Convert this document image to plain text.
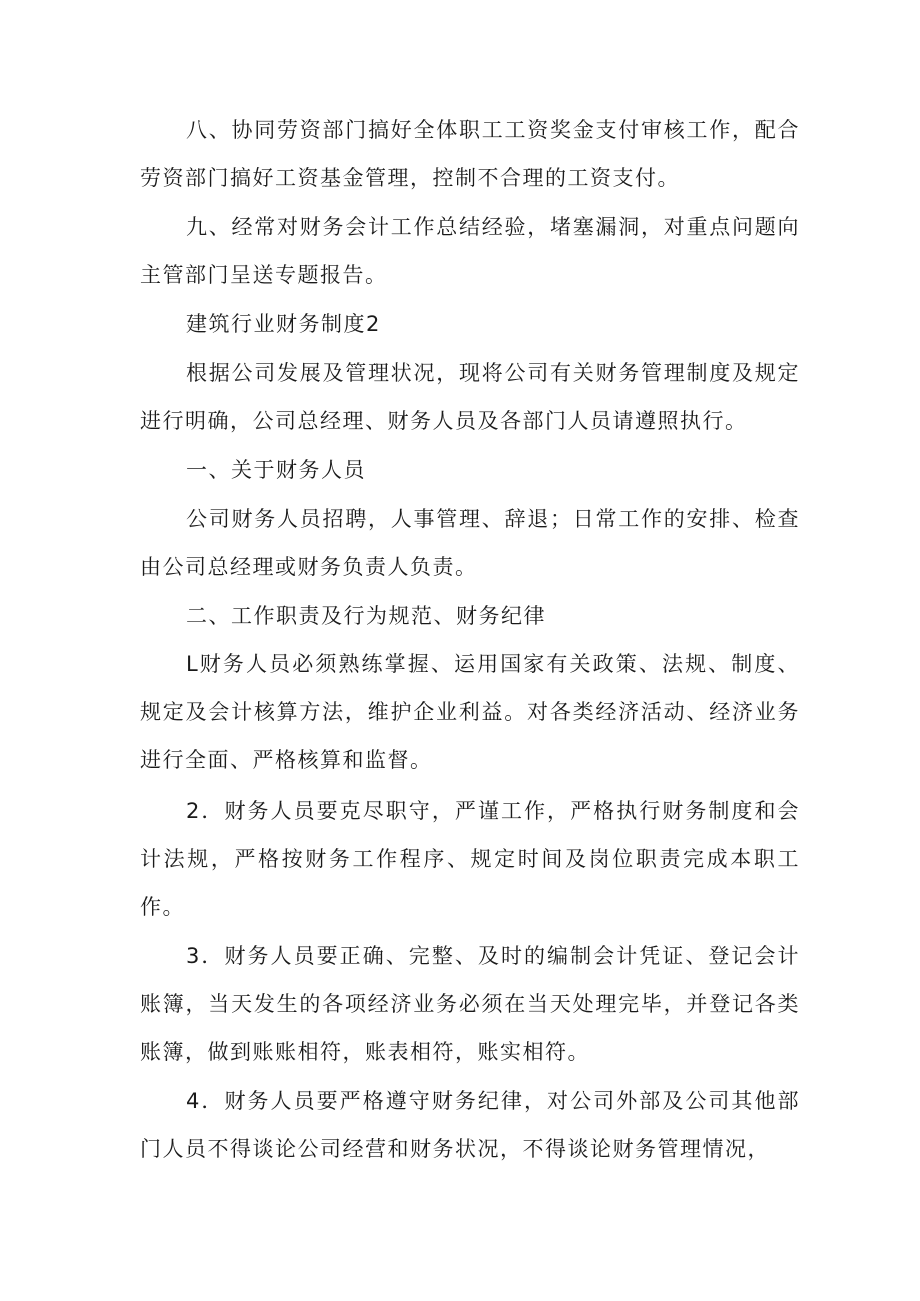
八、协同劳资部门搞好全体职工工资奖金支付审核工作，配合劳资部门搞好工资基金管理，控制不合理的工资支付。
九、经常对财务会计工作总结经验，堵塞漏洞，对重点问题向主管部门呈送专题报告。
建筑行业财务制度2
根据公司发展及管理状况，现将公司有关财务管理制度及规定进行明确，公司总经理、财务人员及各部门人员请遵照执行。
一、关于财务人员
公司财务人员招聘，人事管理、辞退；日常工作的安排、检查由公司总经理或财务负责人负责。
二、工作职责及行为规范、财务纪律
L财务人员必须熟练掌握、运用国家有关政策、法规、制度、规定及会计核算方法，维护企业利益。对各类经济活动、经济业务进行全面、严格核算和监督。
2．财务人员要克尽职守，严谨工作，严格执行财务制度和会计法规，严格按财务工作程序、规定时间及岗位职责完成本职工作。
3．财务人员要正确、完整、及时的编制会计凭证、登记会计账簿，当天发生的各项经济业务必须在当天处理完毕，并登记各类账簿，做到账账相符，账表相符，账实相符。
4．财务人员要严格遵守财务纪律，对公司外部及公司其他部门人员不得谈论公司经营和财务状况，不得谈论财务管理情况，
